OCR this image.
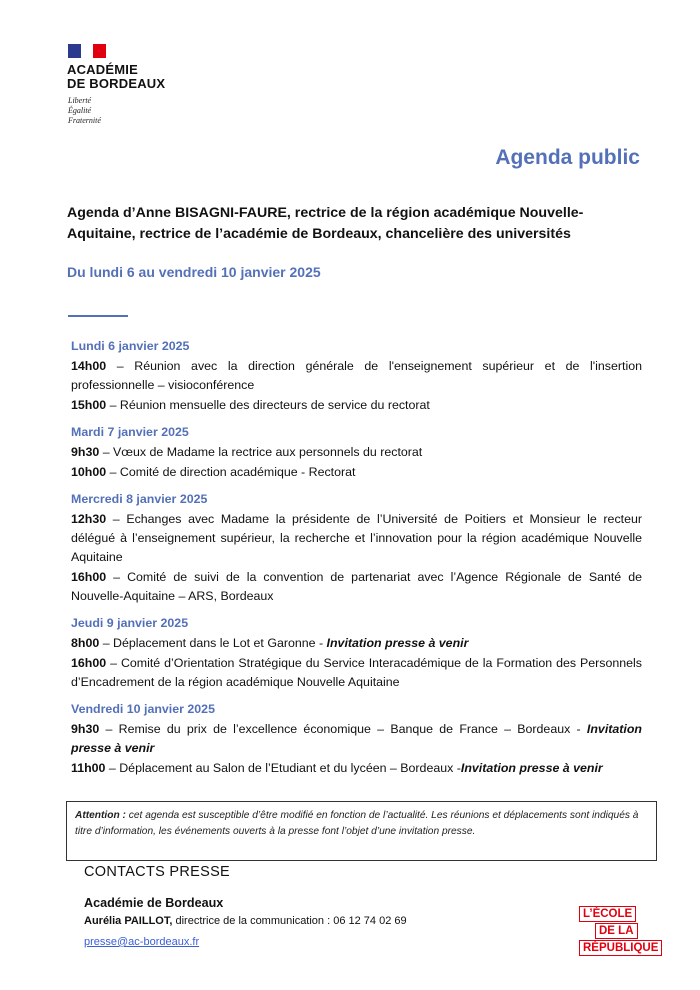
ACADÉMIE
DE BORDEAUX
Liberté
Égalité
Fraternité
Agenda public
Agenda d’Anne BISAGNI-FAURE, rectrice de la région académique Nouvelle-Aquitaine, rectrice de l’académie de Bordeaux, chancelière des universités
Du lundi 6 au vendredi 10 janvier 2025
Lundi 6 janvier 2025
14h00 – Réunion avec la direction générale de l'enseignement supérieur et de l'insertion professionnelle – visioconférence
15h00 – Réunion mensuelle des directeurs de service du rectorat
Mardi 7 janvier 2025
9h30 – Vœux de Madame la rectrice aux personnels du rectorat
10h00 – Comité de direction académique - Rectorat
Mercredi 8 janvier 2025
12h30 – Echanges avec Madame la présidente de l’Université de Poitiers et Monsieur le recteur délégué à l’enseignement supérieur, la recherche et l’innovation pour la région académique Nouvelle Aquitaine
16h00 – Comité de suivi de la convention de partenariat avec l’Agence Régionale de Santé de Nouvelle-Aquitaine – ARS, Bordeaux
Jeudi 9 janvier 2025
8h00 – Déplacement dans le Lot et Garonne - Invitation presse à venir
16h00 – Comité d’Orientation Stratégique du Service Interacadémique de la Formation des Personnels d’Encadrement de la région académique Nouvelle Aquitaine
Vendredi 10 janvier 2025
9h30 – Remise du prix de l’excellence économique – Banque de France – Bordeaux - Invitation presse à venir
11h00 – Déplacement au Salon de l’Etudiant et du lycéen – Bordeaux -Invitation presse à venir
Attention : cet agenda est susceptible d’être modifié en fonction de l’actualité. Les réunions et déplacements sont indiqués à titre d’information, les événements ouverts à la presse font l’objet d’une invitation presse.
CONTACTS PRESSE
Académie de Bordeaux
Aurélia PAILLOT, directrice de la communication : 06 12 74 02 69
presse@ac-bordeaux.fr
L’ÉCOLE
DE LA
RÉPUBLIQUE
